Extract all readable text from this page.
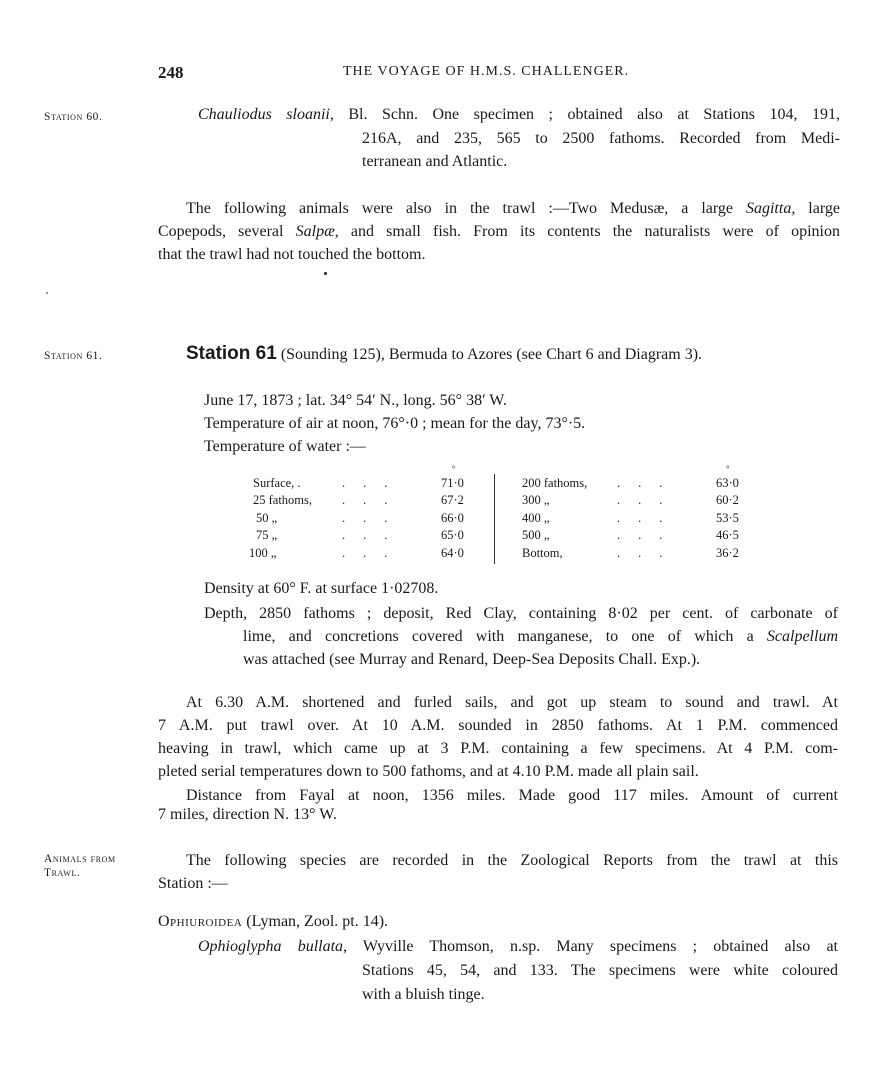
248	THE VOYAGE OF H.M.S. CHALLENGER.
Station 60.	Chauliodus sloanii, Bl. Schn. One specimen ; obtained also at Stations 104, 191,
216A, and 235, 565 to 2500 fathoms. Recorded from Medi-
terranean and Atlantic.
The following animals were also in the trawl :—Two Medusæ, a large Sagitta, large
Copepods, several Salpæ, and small fish. From its contents the naturalists were of opinion
that the trawl had not touched the bottom.
Station 61.	Station 61 (Sounding 125), Bermuda to Azores (see Chart 6 and Diagram 3).
June 17, 1873 ; lat. 34° 54′ N., long. 56° 38′ W.
Temperature of air at noon, 76°·0 ; mean for the day, 73°·5.
Temperature of water :—
°	°
Surface, .	...	71·0
25 fathoms, ...	67·2
50 „	...	66·0
75 „	...	65·0
100 „	...	64·0
200 fathoms, ...	63·0
300 „	...	60·2
400 „	...	53·5
500 „	...	46·5
Bottom,	...	36·2
Density at 60° F. at surface 1·02708.
Depth, 2850 fathoms ; deposit, Red Clay, containing 8·02 per cent. of carbonate of
lime, and concretions covered with manganese, to one of which a Scalpellum
was attached (see Murray and Renard, Deep-Sea Deposits Chall. Exp.).
At 6.30 A.M. shortened and furled sails, and got up steam to sound and trawl. At
7 A.M. put trawl over. At 10 A.M. sounded in 2850 fathoms. At 1 P.M. commenced
heaving in trawl, which came up at 3 P.M. containing a few specimens. At 4 P.M. com-
pleted serial temperatures down to 500 fathoms, and at 4.10 P.M. made all plain sail.
Distance from Fayal at noon, 1356 miles. Made good 117 miles. Amount of current
7 miles, direction N. 13° W.
Animals from
Trawl.
The following species are recorded in the Zoological Reports from the trawl at this
Station :—
Ophiuroidea (Lyman, Zool. pt. 14).
Ophioglypha bullata, Wyville Thomson, n.sp. Many specimens ; obtained also at
Stations 45, 54, and 133. The specimens were white coloured
with a bluish tinge.
